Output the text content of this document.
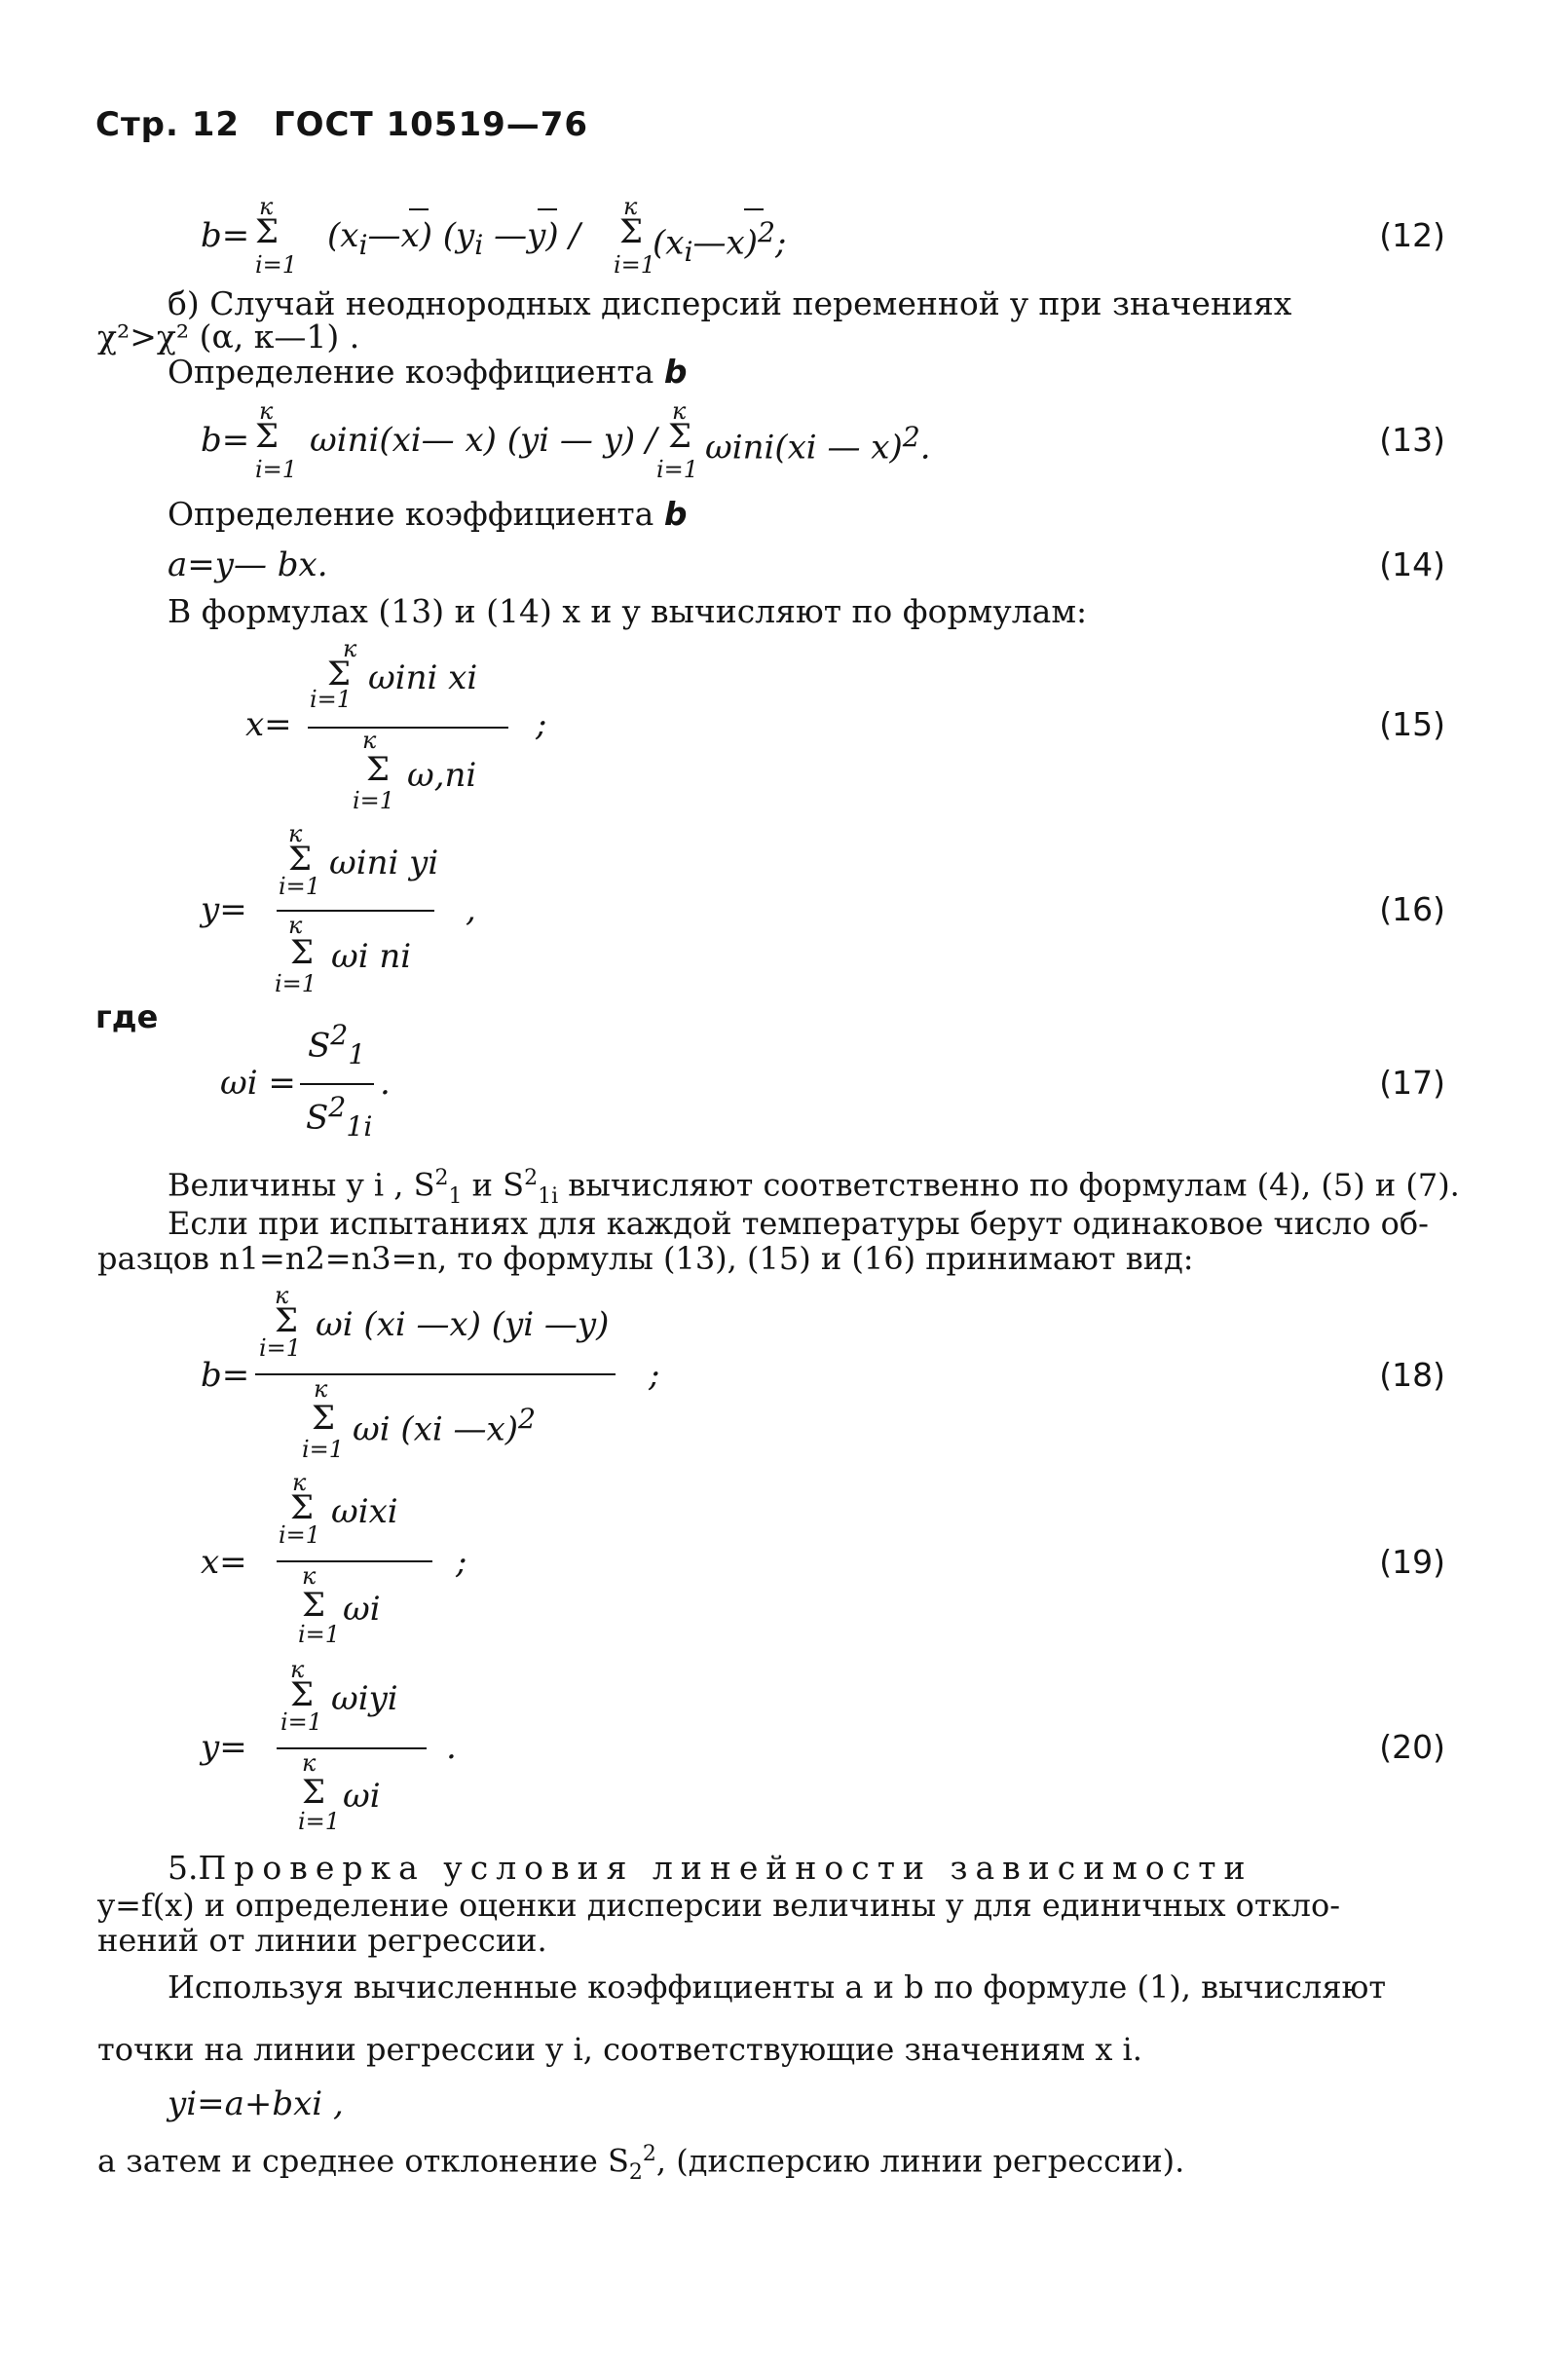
Стр. 12 ГОСТ 10519—76
к
b= Σ
i=1
$(x_i—x)$ ($y_i$ —y) /
к
Σ
i=1
$(x_i—x)^2$;	(12)
б) Случай неоднородных дисперсий переменной y при значениях
χ²>χ² (α, к—1) .
Определение коэффициента b
к
b= Σ
i=1
ωini(xi— x) (yi — y) /
к
Σ
i=1
ωini(xi — x)$^2$.	(13)
Определение коэффициента b
a=y— bx.	(14)
В формулах (13) и (14) x и y вычисляют по формулам:
к
Σ ωini xi
i=1
x=	;
к
Σ ω,ni
i=1
(15)
к
Σ ωini yi
i=1
y=	,
к
Σ ωi ni
i=1
(16)
где
$S^2_1$
ωi =	.
$S^2_{1i}$
(17)
Величины y i , $S^2_1$ и $S^2_{1i}$ вычисляют соответственно по формулам (4), (5) и (7).
Если при испытаниях для каждой температуры берут одинаковое число об-
разцов n1=n2=n3=n, то формулы (13), (15) и (16) принимают вид:
к
Σ ωi (xi —x) (yi —y)
i=1
b=	;
к
Σ ωi (xi —x)$^2$
i=1
(18)
к
Σ ωixi
i=1
x=	;
к
Σ ωi
i=1
(19)
к
Σ ωiyi
i=1
y=	.
к
Σ ωi
i=1
(20)
5.Проверка условия линейности зависимости
y=f(x) и определение оценки дисперсии величины y для единичных откло-
нений от линии регрессии.
Используя вычисленные коэффициенты a и b по формуле (1), вычисляют
точки на линии регрессии y i, соответствующие значениям x i.
yi=a+bxi ,
а затем и среднее отклонение $S_2^2$, (дисперсию линии регрессии).
